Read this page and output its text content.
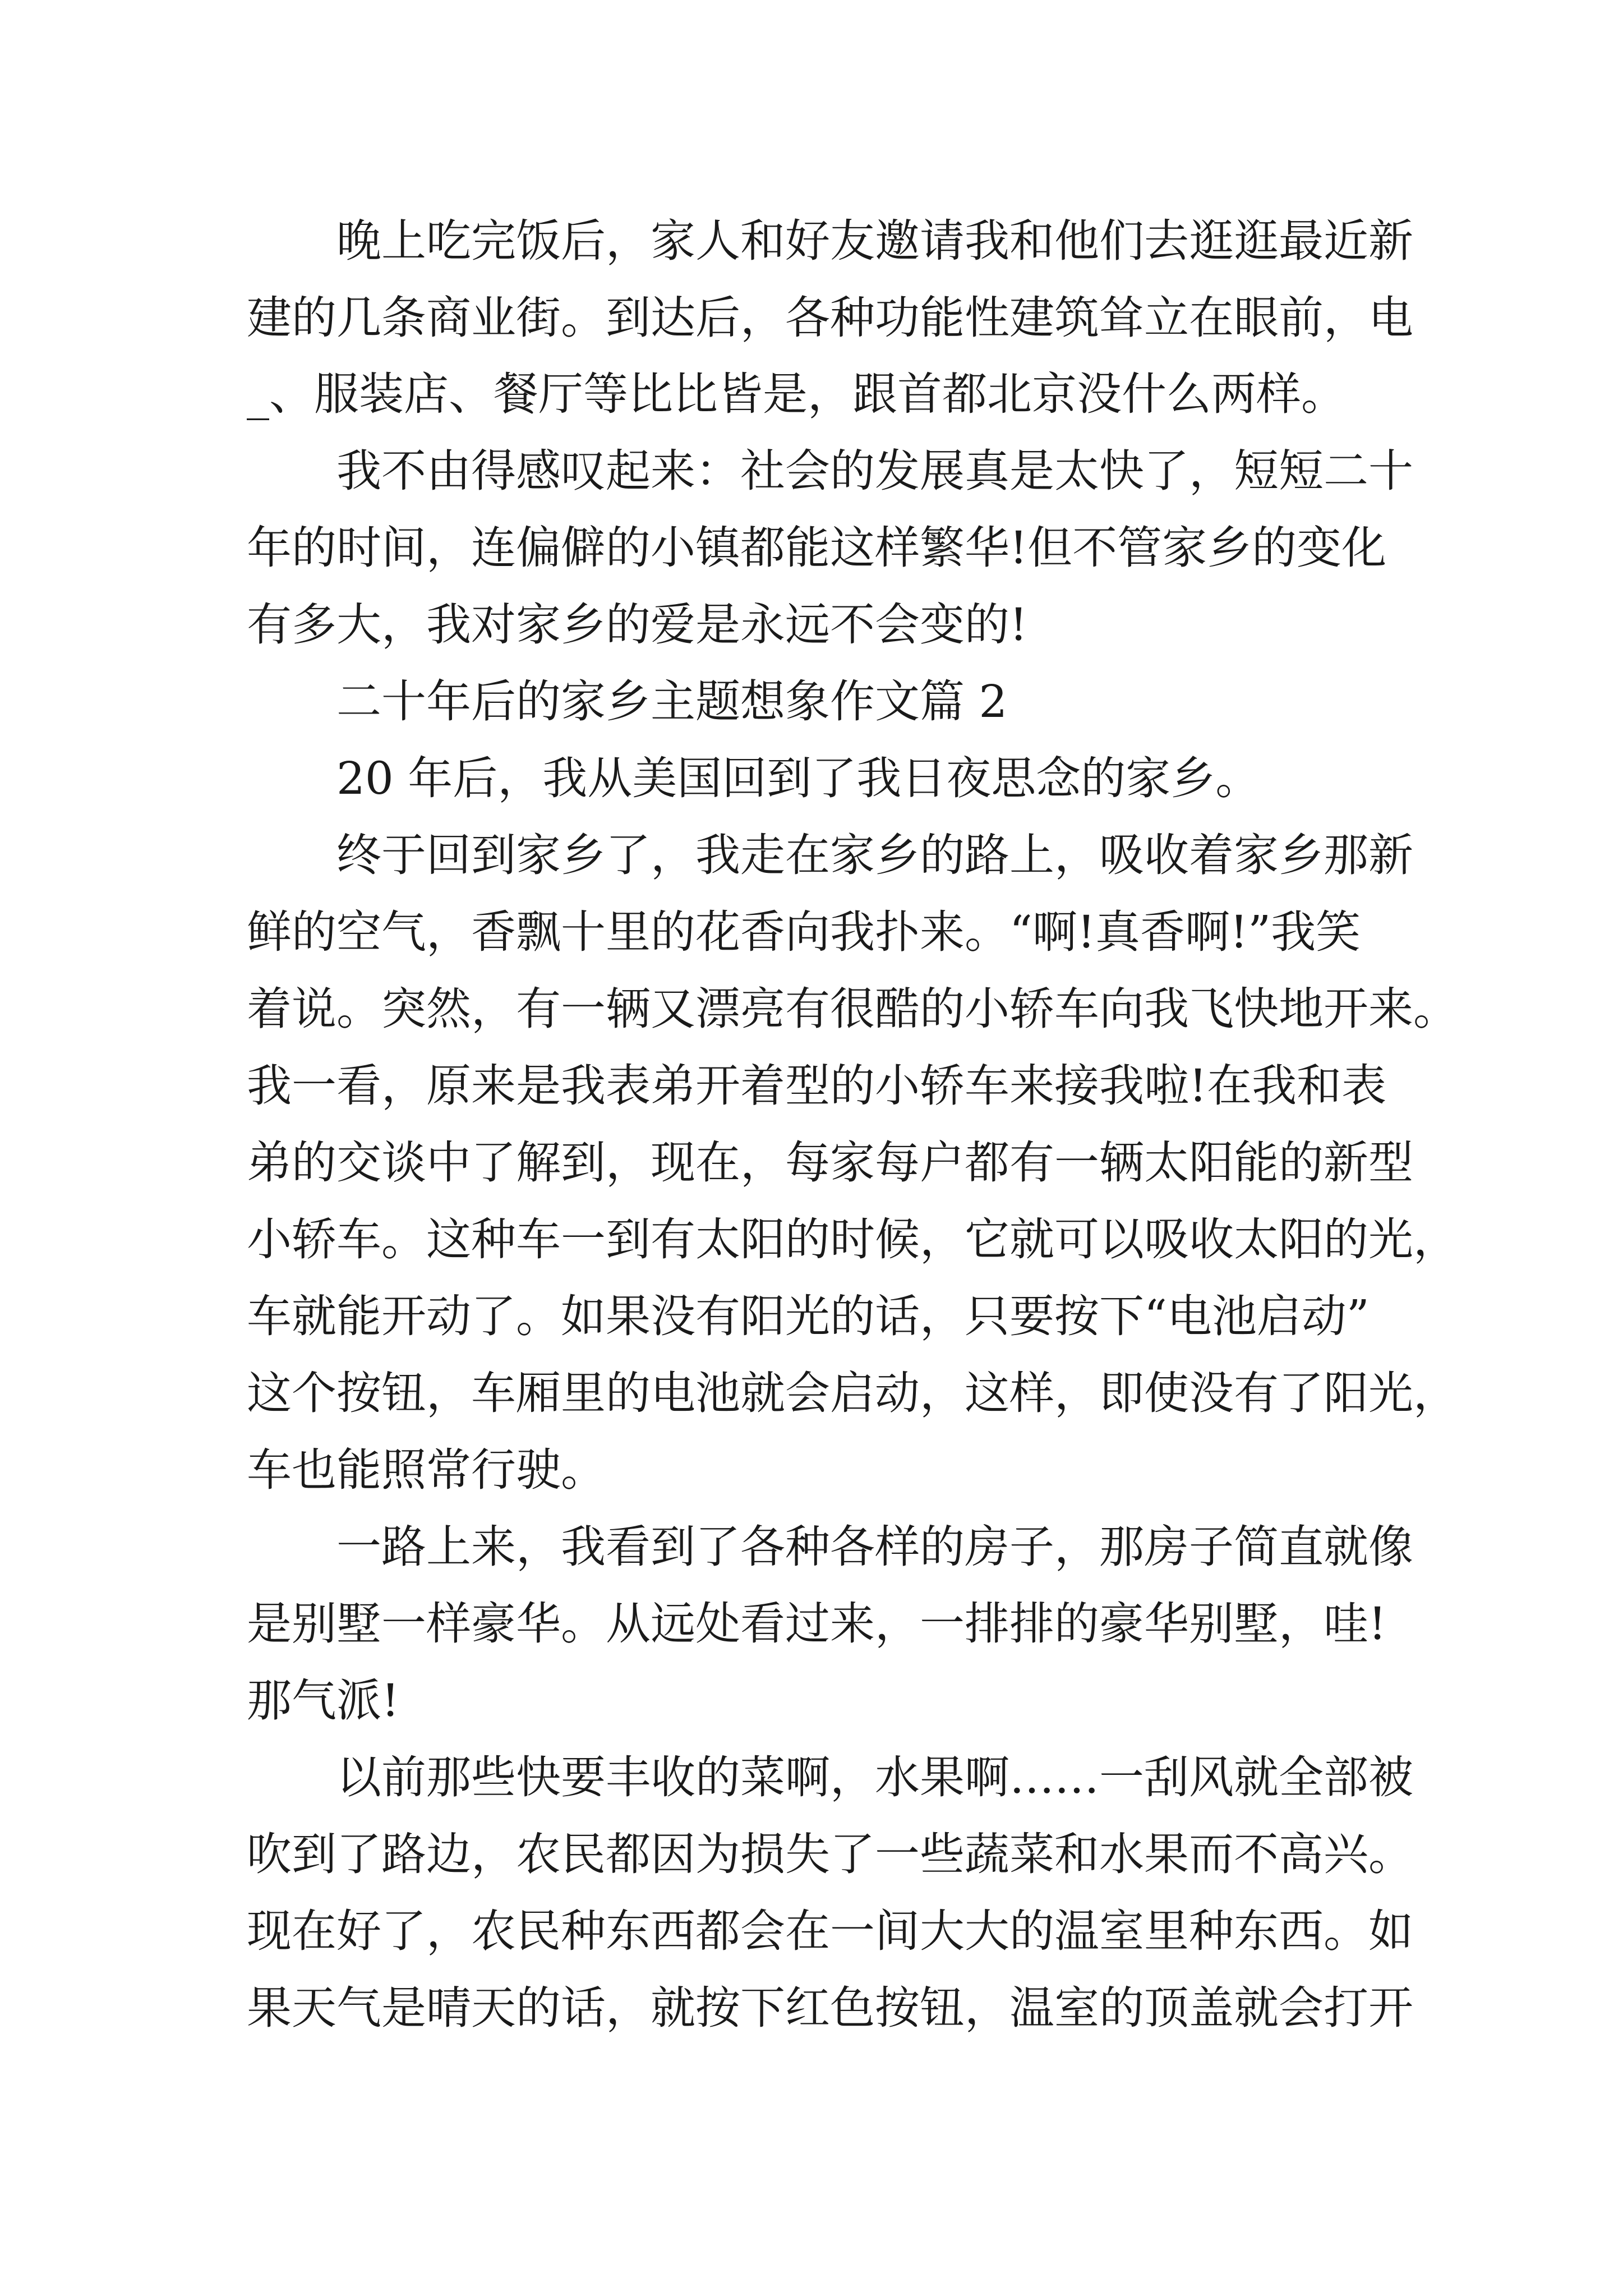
　　晚上吃完饭后，家人和好友邀请我和他们去逛逛最近新

建的几条商业街。到达后，各种功能性建筑耸立在眼前，电

_、服装店、餐厅等比比皆是，跟首都北京没什么两样。

　　我不由得感叹起来：社会的发展真是太快了，短短二十

年的时间，连偏僻的小镇都能这样繁华!但不管家乡的变化

有多大，我对家乡的爱是永远不会变的!

　　二十年后的家乡主题想象作文篇 2

　　20 年后，我从美国回到了我日夜思念的家乡。

　　终于回到家乡了，我走在家乡的路上，吸收着家乡那新

鲜的空气，香飘十里的花香向我扑来。“啊!真香啊!”我笑

着说。突然，有一辆又漂亮有很酷的小轿车向我飞快地开来。

我一看，原来是我表弟开着型的小轿车来接我啦!在我和表

弟的交谈中了解到，现在，每家每户都有一辆太阳能的新型

小轿车。这种车一到有太阳的时候，它就可以吸收太阳的光，

车就能开动了。如果没有阳光的话，只要按下“电池启动”

这个按钮，车厢里的电池就会启动，这样，即使没有了阳光，

车也能照常行驶。

　　一路上来，我看到了各种各样的房子，那房子简直就像

是别墅一样豪华。从远处看过来，一排排的豪华别墅，哇!

那气派!

　　以前那些快要丰收的菜啊，水果啊……一刮风就全部被

吹到了路边，农民都因为损失了一些蔬菜和水果而不高兴。

现在好了，农民种东西都会在一间大大的温室里种东西。如

果天气是晴天的话，就按下红色按钮，温室的顶盖就会打开
